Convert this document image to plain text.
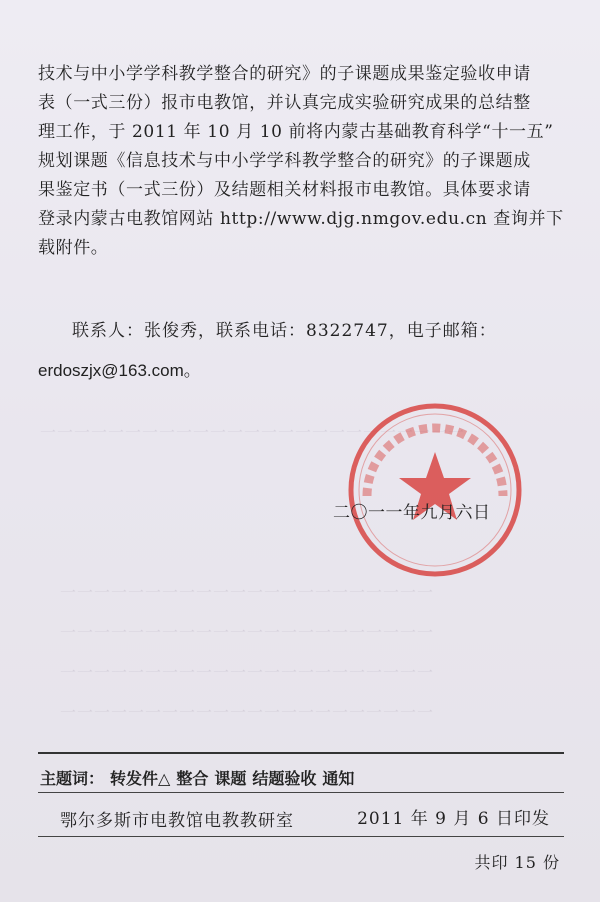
一一一一一一一一一一一一一一一一一一一一一一一一一
一一一一一一一一一一一一一一一一一一一一一一
一一一一一一一一一一一一一一一一一一一一一一
一一一一一一一一一一一一一一一一一一一一一一
一一一一一一一一一一一一一一一一一一一一一一
技术与中小学学科教学整合的研究》的子课题成果鉴定验收申请
表（一式三份）报市电教馆，并认真完成实验研究成果的总结整
理工作，于 2011 年 10 月 10 前将内蒙古基础教育科学“十一五”
规划课题《信息技术与中小学学科教学整合的研究》的子课题成
果鉴定书（一式三份）及结题相关材料报市电教馆。具体要求请
登录内蒙古电教馆网站 http://www.djg.nmgov.edu.cn 查询并下
载附件。
联系人：张俊秀，联系电话：8322747，电子邮箱：
erdoszjx@163.com。
二〇一一年九月六日
主题词： 转发件△ 整合 课题 结题验收 通知
鄂尔多斯市电教馆电教教研室	2011 年 9 月 6 日印发
共印 15 份
